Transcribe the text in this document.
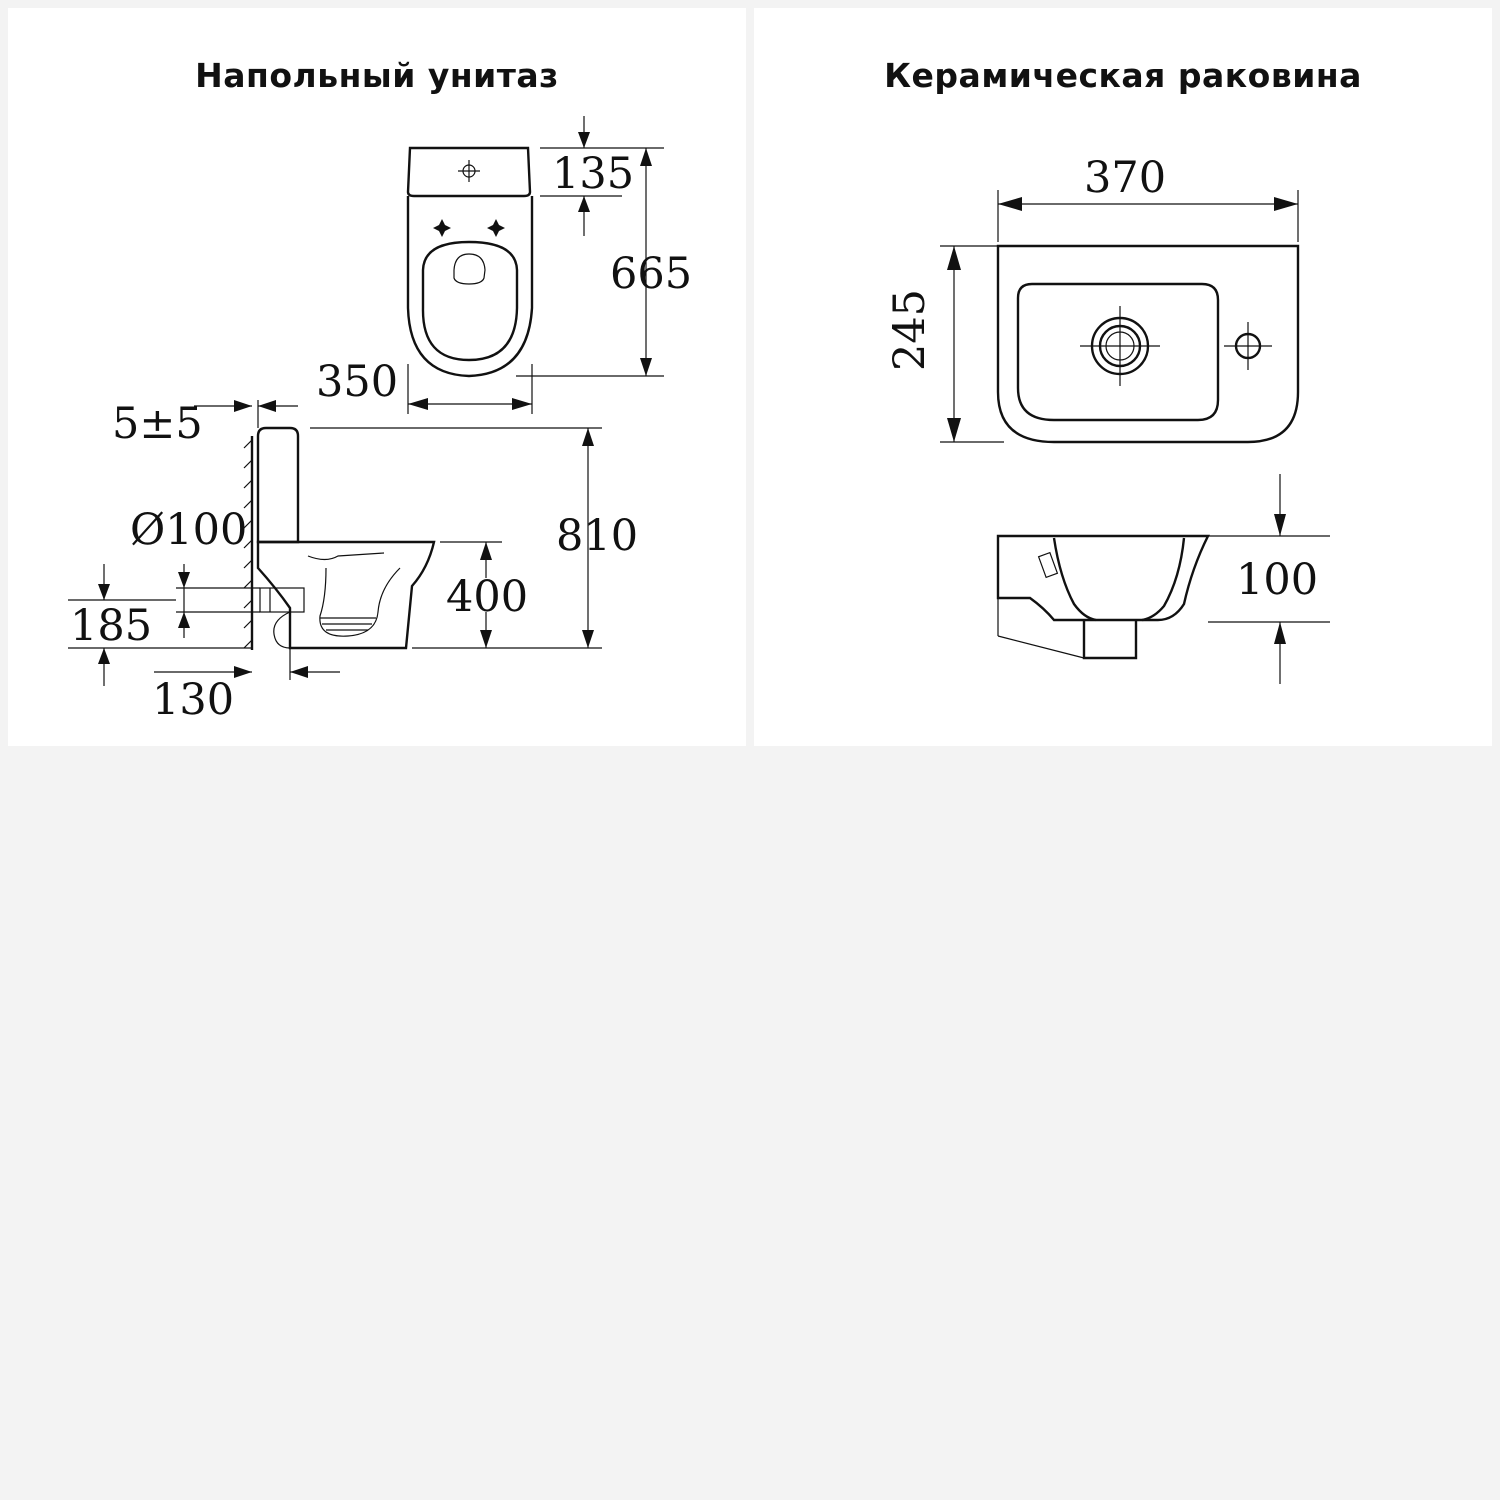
Напольный унитаз
135
665
350
5±5
810
Ø100
400
185
130
Керамическая раковина
370
245
100
